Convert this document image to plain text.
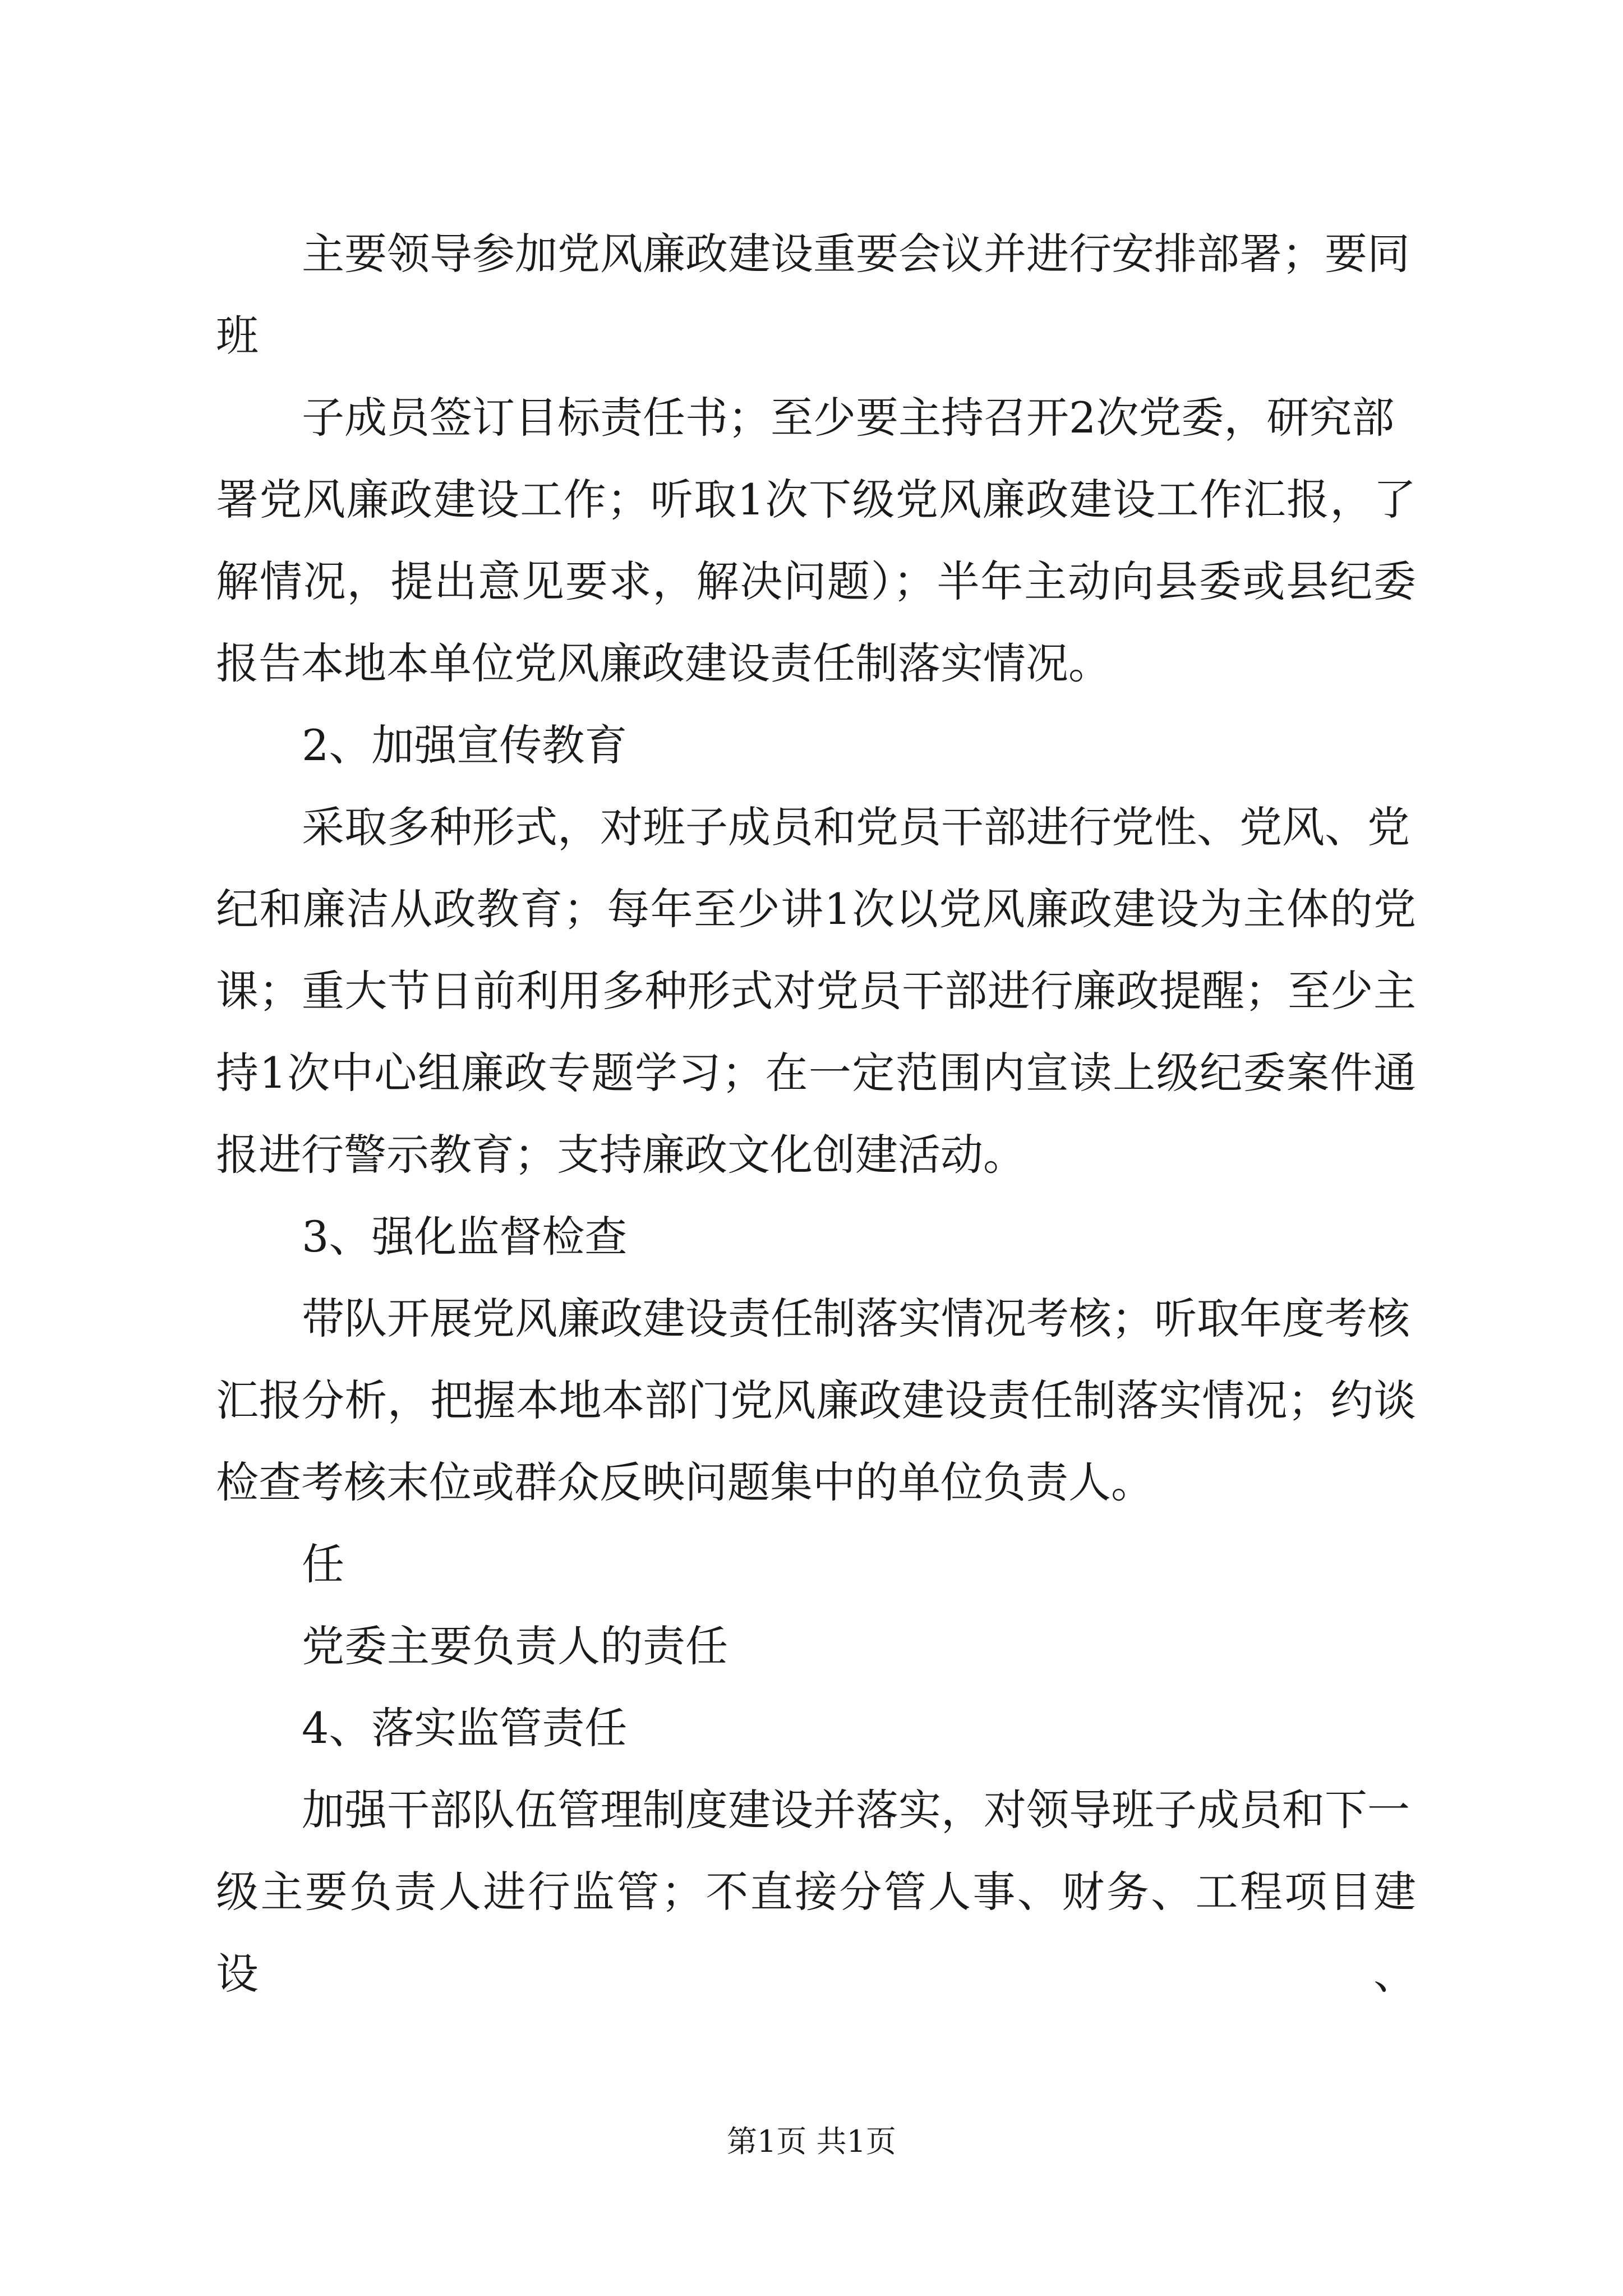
主要领导参加党风廉政建设重要会议并进行安排部署；要同
班
子成员签订目标责任书；至少要主持召开2次党委，研究部
署党风廉政建设工作；听取1次下级党风廉政建设工作汇报，了
解情况，提出意见要求，解决问题）；半年主动向县委或县纪委
报告本地本单位党风廉政建设责任制落实情况。
2、加强宣传教育
采取多种形式，对班子成员和党员干部进行党性、党风、党
纪和廉洁从政教育；每年至少讲1次以党风廉政建设为主体的党
课；重大节日前利用多种形式对党员干部进行廉政提醒；至少主
持1次中心组廉政专题学习；在一定范围内宣读上级纪委案件通
报进行警示教育；支持廉政文化创建活动。
3、强化监督检查
带队开展党风廉政建设责任制落实情况考核；听取年度考核
汇报分析，把握本地本部门党风廉政建设责任制落实情况；约谈
检查考核末位或群众反映问题集中的单位负责人。
任
党委主要负责人的责任
4、落实监管责任
加强干部队伍管理制度建设并落实，对领导班子成员和下一
级主要负责人进行监管；不直接分管人事、财务、工程项目建设、
第1页 共1页
